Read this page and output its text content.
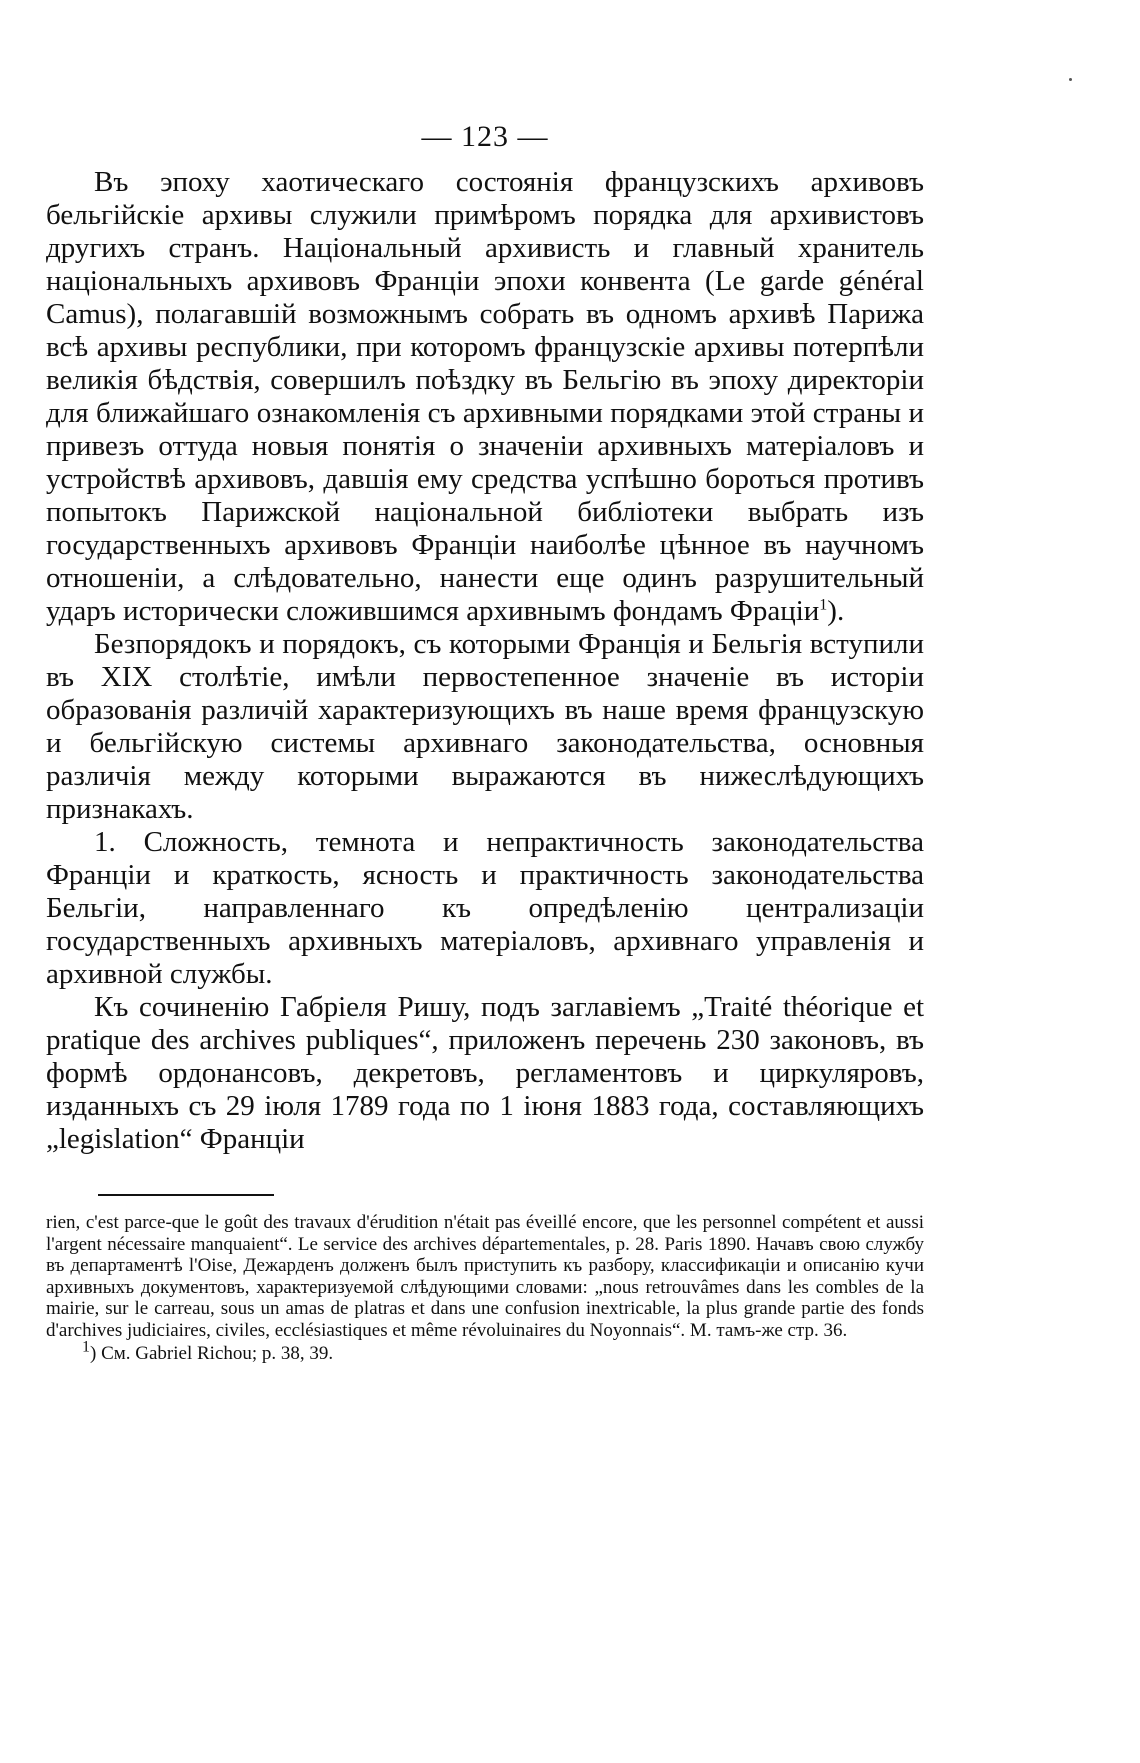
— 123 —

Въ эпоху хаотическаго состоянія французскихъ архивовъ бельгійскіе архивы служили примѣромъ порядка для архивистовъ другихъ странъ. Національный архивисть и главный хранитель національныхъ архивовъ Франціи эпохи конвента (Le garde général Camus), полагавшій возможнымъ собрать въ одномъ архивѣ Парижа всѣ архивы республики, при которомъ французскіе архивы потерпѣли великія бѣдствія, совершилъ поѣздку въ Бельгію въ эпоху директоріи для ближайшаго ознакомленія съ архивными порядками этой страны и привезъ оттуда новыя понятія о значеніи архивныхъ матеріаловъ и устройствѣ архивовъ, давшія ему средства успѣшно бороться противъ попытокъ Парижской національной библіотеки выбрать изъ государственныхъ архивовъ Франціи наиболѣе цѣнное въ научномъ отношеніи, а слѣдовательно, нанести еще одинъ разрушительный ударъ исторически сложившимся архивнымъ фондамъ Фраціи$^1$).

Безпорядокъ и порядокъ, съ которыми Франція и Бельгія вступили въ XIX столѣтіе, имѣли первостепенное значеніе въ исторіи образованія различій характеризующихъ въ наше время французскую и бельгійскую системы архивнаго законодательства, основныя различія между которыми выражаются въ нижеслѣдующихъ признакахъ.

1. Сложность, темнота и непрактичность законодательства Франціи и краткость, ясность и практичность законодательства Бельгіи, направленнаго къ опредѣленію централизаціи государственныхъ архивныхъ матеріаловъ, архивнаго управленія и архивной службы.

Къ сочиненію Габріеля Ришу, подъ заглавіемъ „Traité théorique et pratique des archives publiques“, приложенъ перечень 230 законовъ, въ формѣ ордонансовъ, декретовъ, регламентовъ и циркуляровъ, изданныхъ съ 29 іюля 1789 года по 1 іюня 1883 года, составляющихъ „legislation“ Франціи

rien, c'est parce-que le goût des travaux d'érudition n'était pas éveillé encore, que les personnel compétent et aussi l'argent nécessaire manquaient“. Le service des archives départementales, p. 28. Paris 1890. Начавъ свою службу въ департаментѣ l'Oise, Дежарденъ долженъ былъ приступить къ разбору, классификаціи и описанію кучи архивныхъ документовъ, характеризуемой слѣдующими словами: „nous retrouvâmes dans les combles de la mairie, sur le carreau, sous un amas de platras et dans une confusion inextricable, la plus grande partie des fonds d'archives judiciaires, civiles, ecclésiastiques et même révoluinaires du Noyonnais“. M. тамъ-же стр. 36.

$^1$) См. Gabriel Richou; p. 38, 39.
